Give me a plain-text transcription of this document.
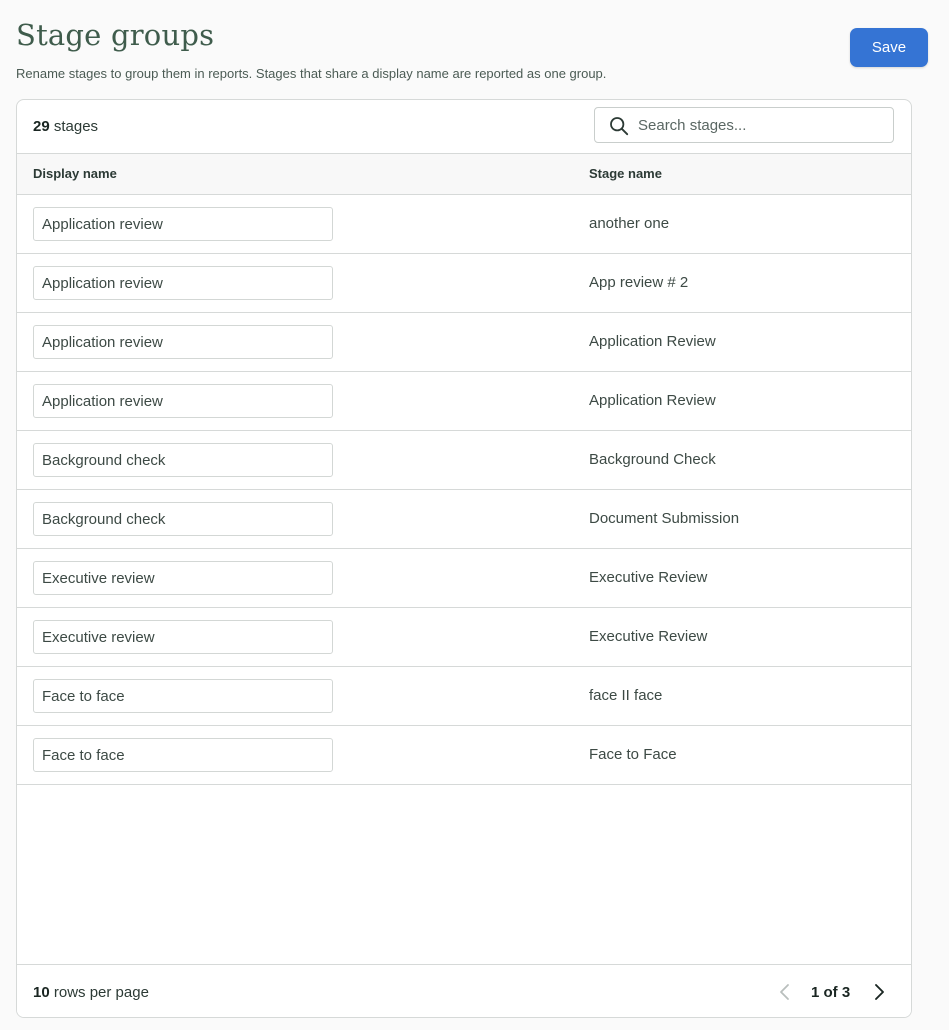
Stage groups

Rename stages to group them in reports. Stages that share a display name are reported as one group.

Save
29 stages
Search stages...
Display name	Stage name
Application review
another one
Application review
App review # 2
Application review
Application Review
Application review
Application Review
Background check
Background Check
Background check
Document Submission
Executive review
Executive Review
Executive review
Executive Review
Face to face
face II face
Face to face
Face to Face
10 rows per page	1 of 3
